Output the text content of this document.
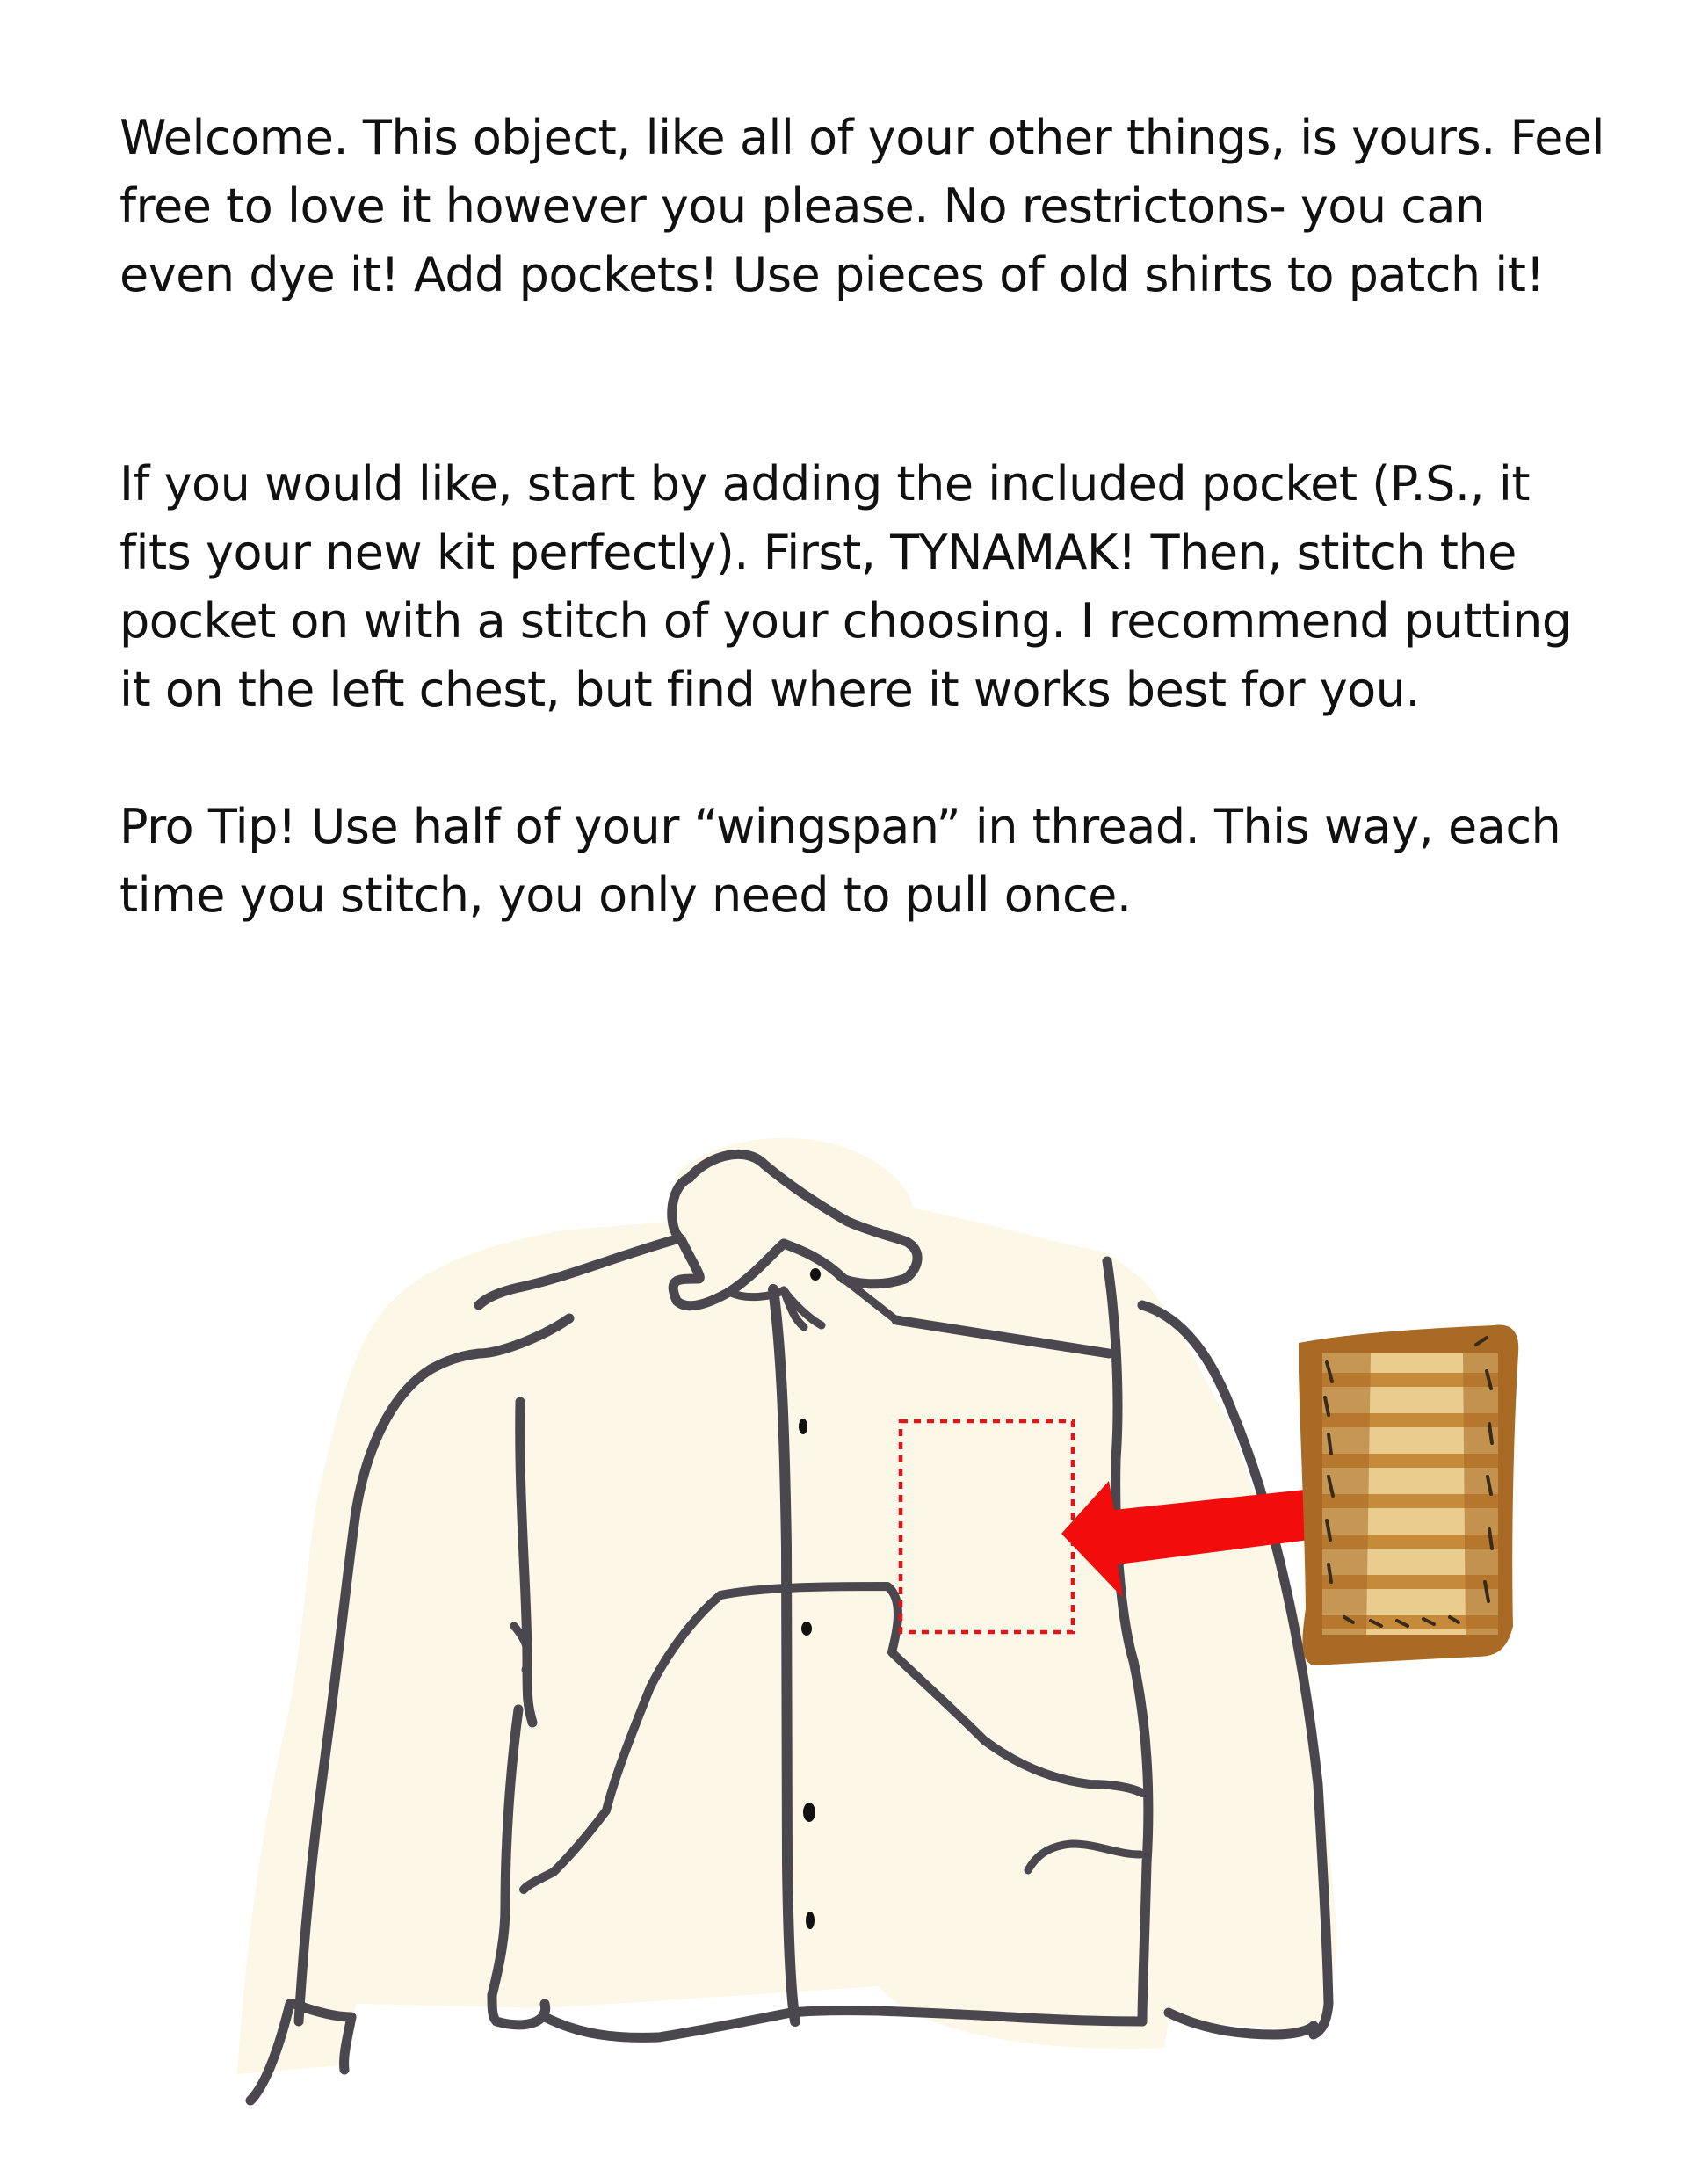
Welcome. This object, like all of your other things, is yours. Feel
free to love it however you please. No restrictons- you can
even dye it! Add pockets! Use pieces of old shirts to patch it!
If you would like, start by adding the included pocket (P.S., it
fits your new kit perfectly). First, TYNAMAK! Then, stitch the
pocket on with a stitch of your choosing. I recommend putting
it on the left chest, but find where it works best for you.
Pro Tip! Use half of your “wingspan” in thread. This way, each
time you stitch, you only need to pull once.
